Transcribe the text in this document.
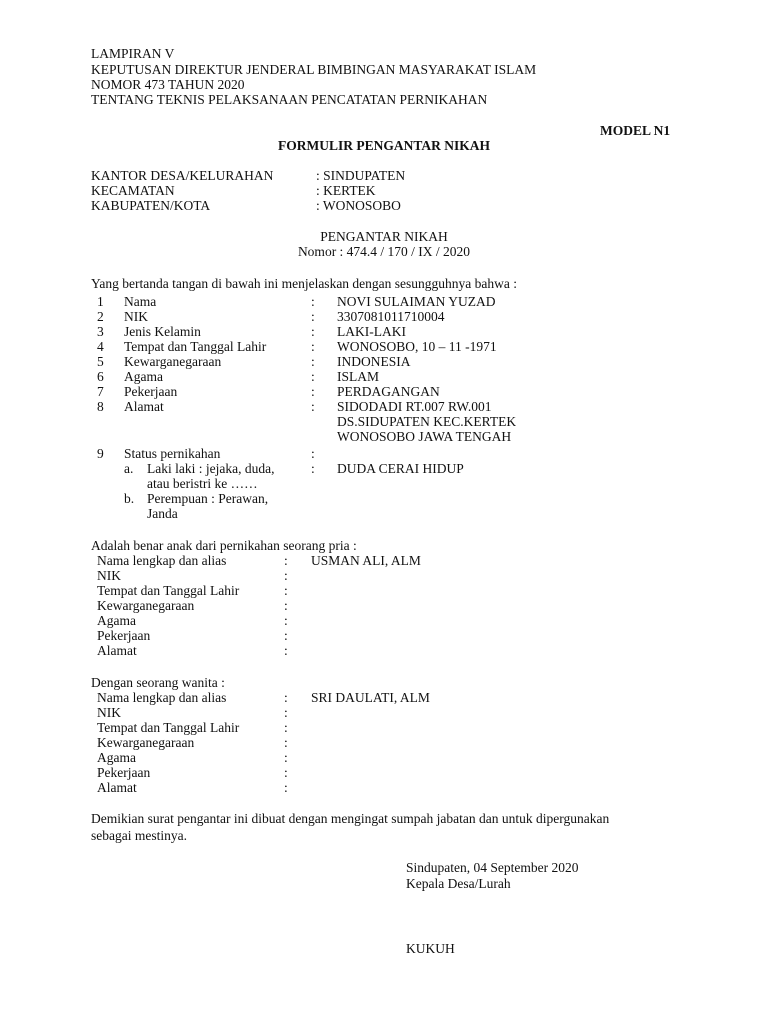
LAMPIRAN V
KEPUTUSAN DIREKTUR JENDERAL BIMBINGAN MASYARAKAT ISLAM
NOMOR 473 TAHUN 2020
TENTANG TEKNIS PELAKSANAAN PENCATATAN PERNIKAHAN
MODEL N1
FORMULIR PENGANTAR NIKAH
KANTOR DESA/KELURAHAN	: SINDUPATEN
KECAMATAN	: KERTEK
KABUPATEN/KOTA	: WONOSOBO
PENGANTAR NIKAH
Nomor : 474.4 / 170 / IX / 2020
Yang bertanda tangan di bawah ini menjelaskan dengan sesungguhnya bahwa :
1 Nama	: NOVI SULAIMAN YUZAD
2 NIK	: 3307081011710004
3 Jenis Kelamin	: LAKI-LAKI
4 Tempat dan Tanggal Lahir	: WONOSOBO, 10 – 11 -1971
5 Kewarganegaraan	: INDONESIA
6 Agama	: ISLAM
7 Pekerjaan	: PERDAGANGAN
8 Alamat	: SIDODADI RT.007 RW.001
DS.SIDUPATEN KEC.KERTEK
WONOSOBO JAWA TENGAH
9 Status pernikahan	:
a. Laki laki : jejaka, duda,
atau beristri ke ……
: DUDA CERAI HIDUP
b. Perempuan : Perawan,
Janda
Adalah benar anak dari pernikahan seorang pria :
Nama lengkap dan alias	: USMAN ALI, ALM
NIK	:
Tempat dan Tanggal Lahir	:
Kewarganegaraan	:
Agama	:
Pekerjaan	:
Alamat	:
Dengan seorang wanita :
Nama lengkap dan alias	: SRI DAULATI, ALM
NIK	:
Tempat dan Tanggal Lahir	:
Kewarganegaraan	:
Agama	:
Pekerjaan	:
Alamat	:
Demikian surat pengantar ini dibuat dengan mengingat sumpah jabatan dan untuk dipergunakan
sebagai mestinya.
Sindupaten, 04 September 2020
Kepala Desa/Lurah
KUKUH
